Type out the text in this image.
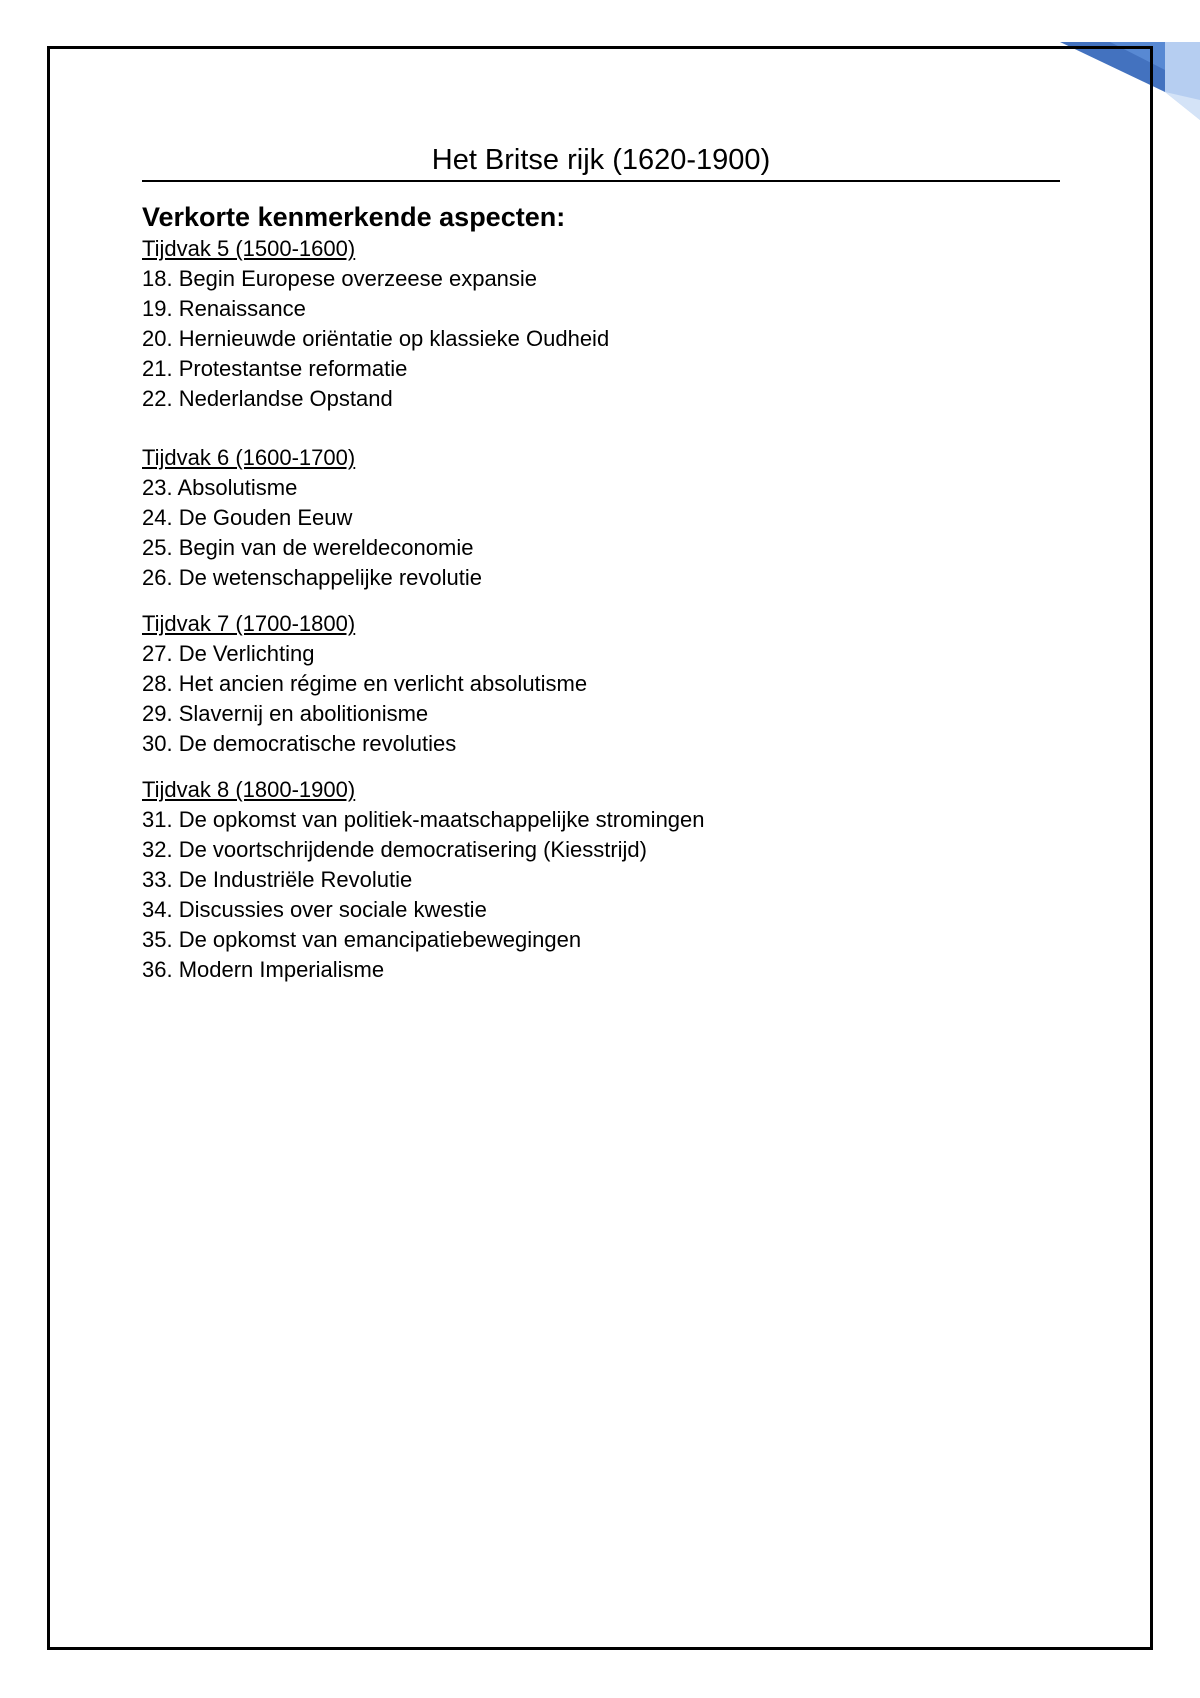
Het Britse rijk (1620-1900)
Verkorte kenmerkende aspecten:

Tijdvak 5 (1500-1600)

18. Begin Europese overzeese expansie
19. Renaissance
20. Hernieuwde oriëntatie op klassieke Oudheid
21. Protestantse reformatie
22. Nederlandse Opstand

Tijdvak 6 (1600-1700)

23. Absolutisme
24. De Gouden Eeuw
25. Begin van de wereldeconomie
26. De wetenschappelijke revolutie

Tijdvak 7 (1700-1800)

27. De Verlichting
28. Het ancien régime en verlicht absolutisme
29. Slavernij en abolitionisme
30. De democratische revoluties

Tijdvak 8 (1800-1900)

31. De opkomst van politiek-maatschappelijke stromingen
32. De voortschrijdende democratisering (Kiesstrijd)
33. De Industriële Revolutie
34. Discussies over sociale kwestie
35. De opkomst van emancipatiebewegingen
36. Modern Imperialisme
